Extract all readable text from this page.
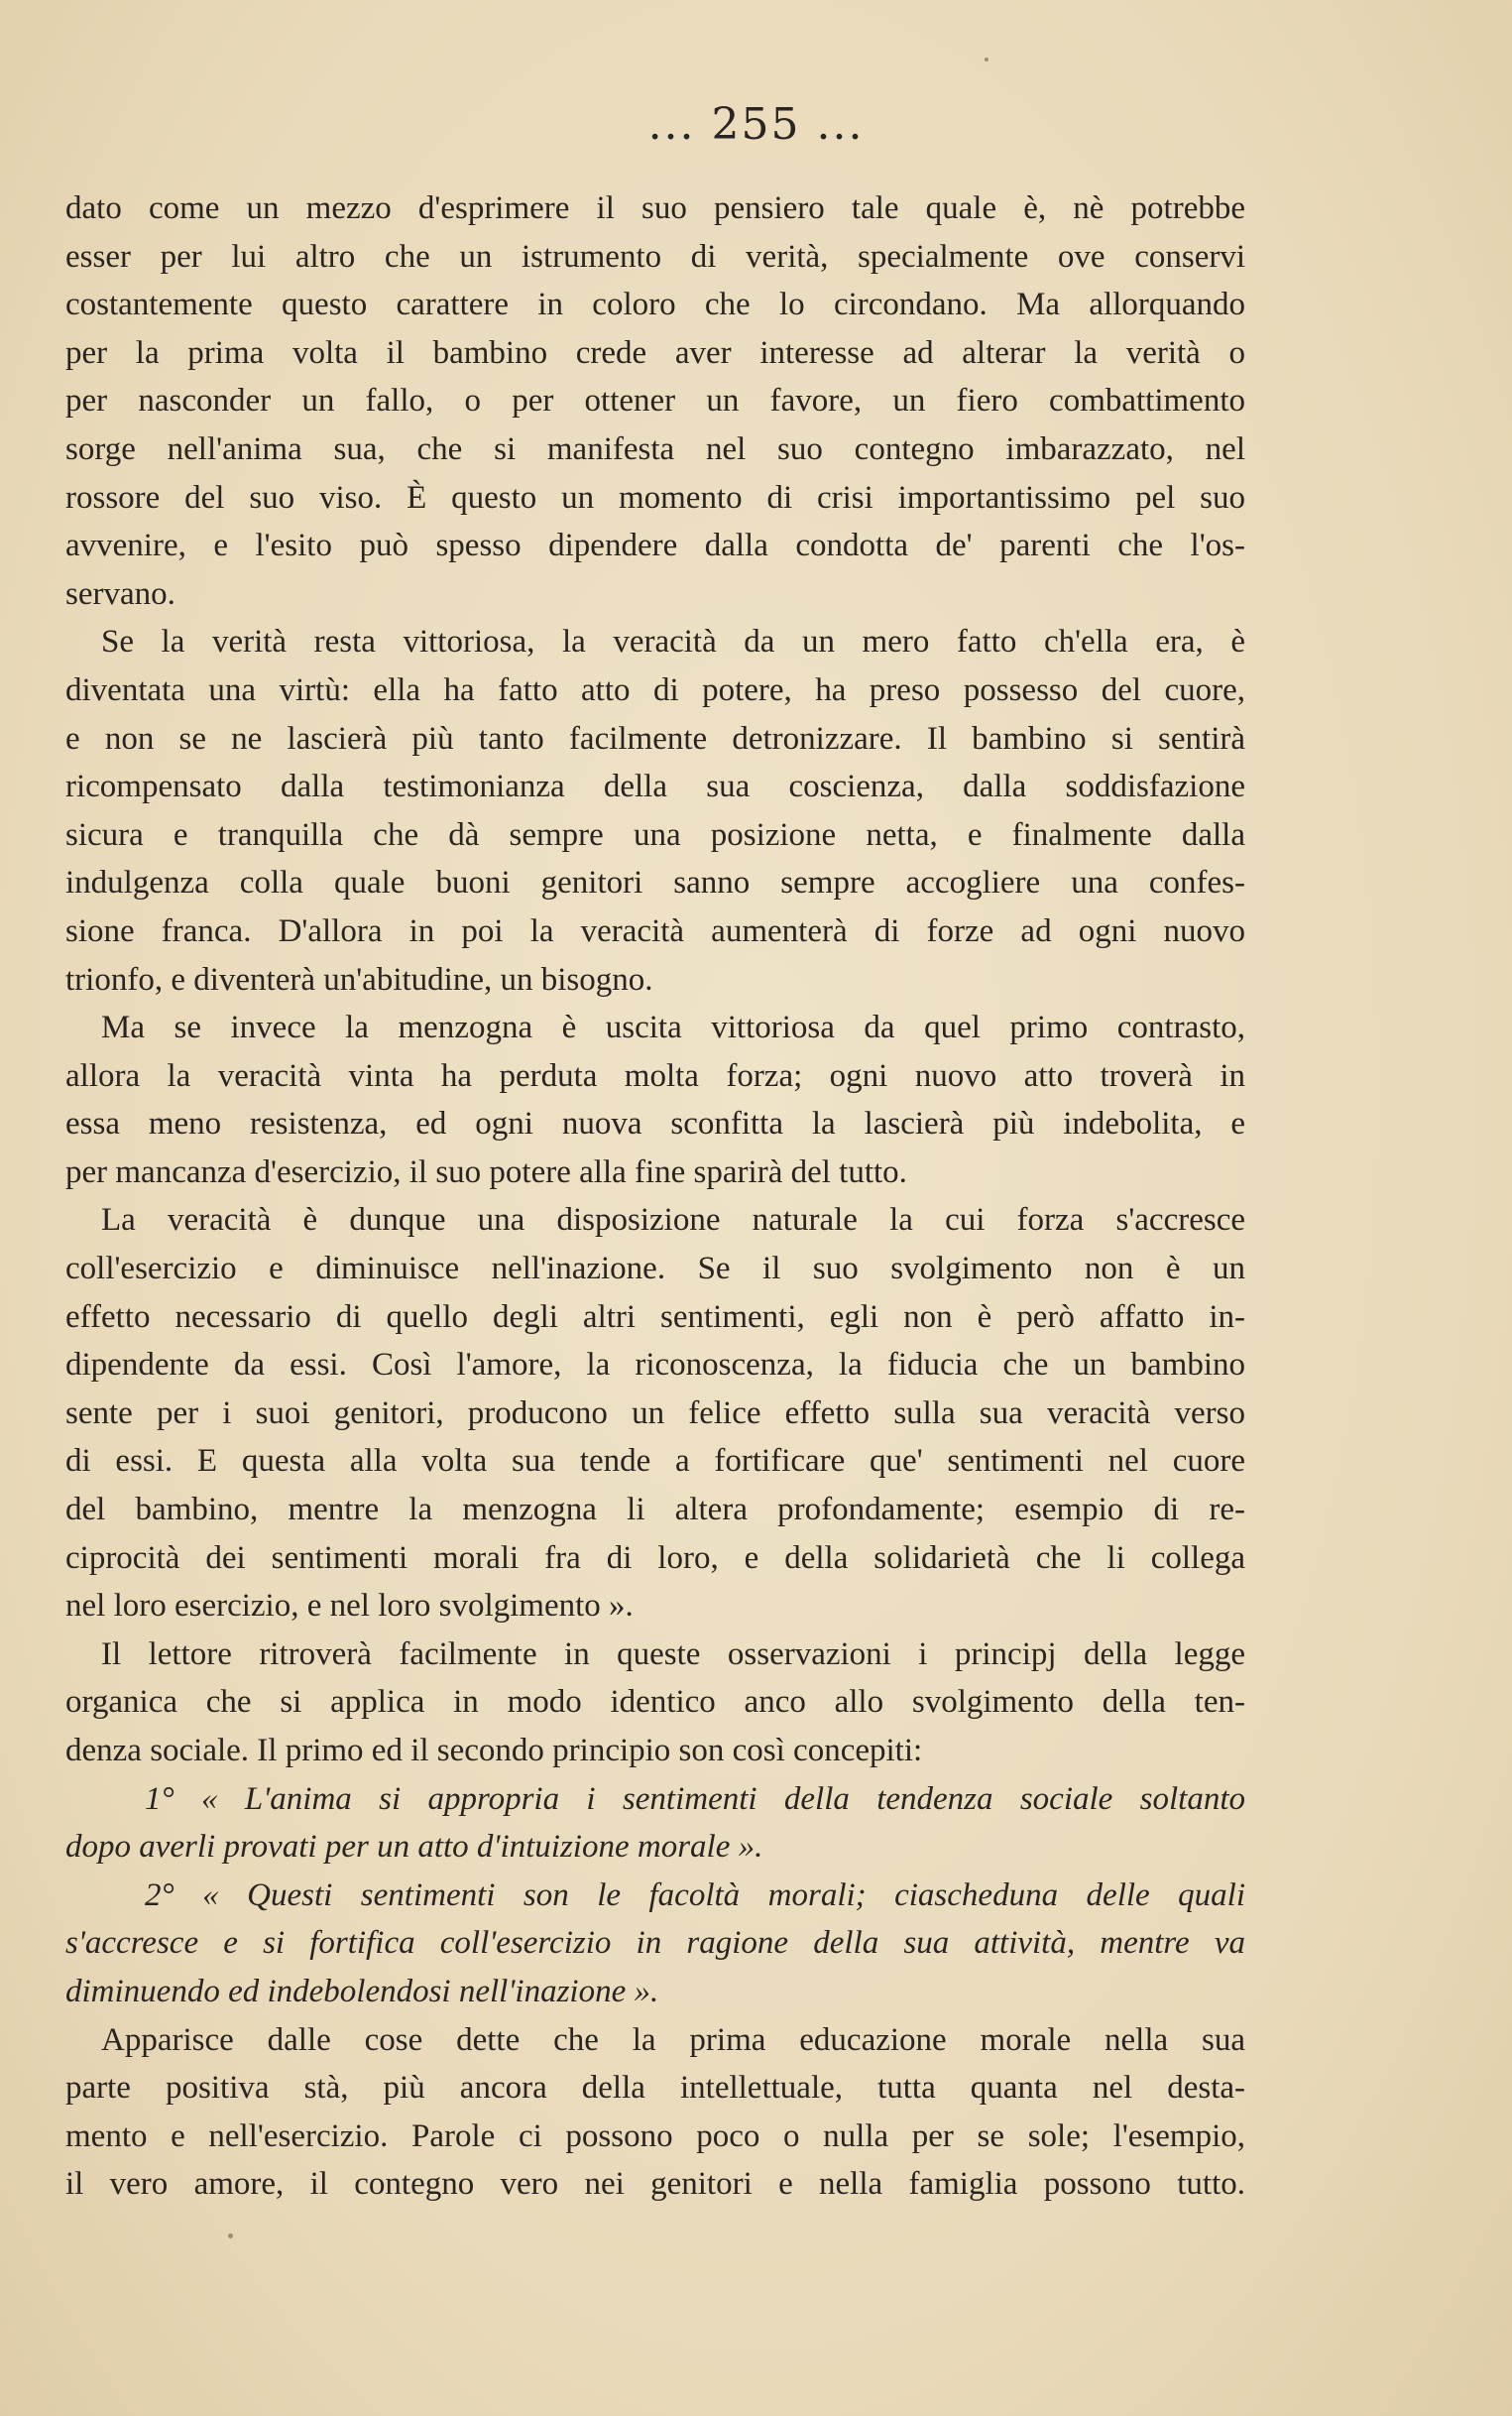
... 255 ...
dato come un mezzo d'esprimere il suo pensiero tale quale è, nè potrebbe
esser per lui altro che un istrumento di verità, specialmente ove conservi
costantemente questo carattere in coloro che lo circondano. Ma allorquando
per la prima volta il bambino crede aver interesse ad alterar la verità o
per nasconder un fallo, o per ottener un favore, un fiero combattimento
sorge nell'anima sua, che si manifesta nel suo contegno imbarazzato, nel
rossore del suo viso. È questo un momento di crisi importantissimo pel suo
avvenire, e l'esito può spesso dipendere dalla condotta de' parenti che l'os-
servano.
Se la verità resta vittoriosa, la veracità da un mero fatto ch'ella era, è
diventata una virtù: ella ha fatto atto di potere, ha preso possesso del cuore,
e non se ne lascierà più tanto facilmente detronizzare. Il bambino si sentirà
ricompensato dalla testimonianza della sua coscienza, dalla soddisfazione
sicura e tranquilla che dà sempre una posizione netta, e finalmente dalla
indulgenza colla quale buoni genitori sanno sempre accogliere una confes-
sione franca. D'allora in poi la veracità aumenterà di forze ad ogni nuovo
trionfo, e diventerà un'abitudine, un bisogno.
Ma se invece la menzogna è uscita vittoriosa da quel primo contrasto,
allora la veracità vinta ha perduta molta forza; ogni nuovo atto troverà in
essa meno resistenza, ed ogni nuova sconfitta la lascierà più indebolita, e
per mancanza d'esercizio, il suo potere alla fine sparirà del tutto.
La veracità è dunque una disposizione naturale la cui forza s'accresce
coll'esercizio e diminuisce nell'inazione. Se il suo svolgimento non è un
effetto necessario di quello degli altri sentimenti, egli non è però affatto in-
dipendente da essi. Così l'amore, la riconoscenza, la fiducia che un bambino
sente per i suoi genitori, producono un felice effetto sulla sua veracità verso
di essi. E questa alla volta sua tende a fortificare que' sentimenti nel cuore
del bambino, mentre la menzogna li altera profondamente; esempio di re-
ciprocità dei sentimenti morali fra di loro, e della solidarietà che li collega
nel loro esercizio, e nel loro svolgimento ».
Il lettore ritroverà facilmente in queste osservazioni i principj della legge
organica che si applica in modo identico anco allo svolgimento della ten-
denza sociale. Il primo ed il secondo principio son così concepiti:
1° « L'anima si appropria i sentimenti della tendenza sociale soltanto
dopo averli provati per un atto d'intuizione morale ».
2° « Questi sentimenti son le facoltà morali; ciascheduna delle quali
s'accresce e si fortifica coll'esercizio in ragione della sua attività, mentre va
diminuendo ed indebolendosi nell'inazione ».
Apparisce dalle cose dette che la prima educazione morale nella sua
parte positiva stà, più ancora della intellettuale, tutta quanta nel desta-
mento e nell'esercizio. Parole ci possono poco o nulla per se sole; l'esempio,
il vero amore, il contegno vero nei genitori e nella famiglia possono tutto.
